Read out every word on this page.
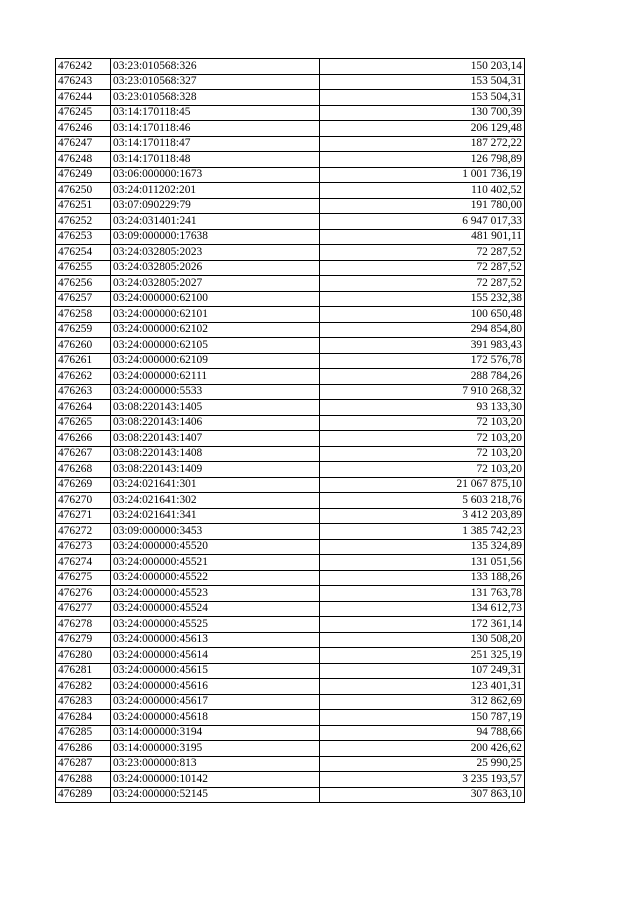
476242	03:23:010568:326	150 203,14
476243	03:23:010568:327	153 504,31
476244	03:23:010568:328	153 504,31
476245	03:14:170118:45	130 700,39
476246	03:14:170118:46	206 129,48
476247	03:14:170118:47	187 272,22
476248	03:14:170118:48	126 798,89
476249	03:06:000000:1673	1 001 736,19
476250	03:24:011202:201	110 402,52
476251	03:07:090229:79	191 780,00
476252	03:24:031401:241	6 947 017,33
476253	03:09:000000:17638	481 901,11
476254	03:24:032805:2023	72 287,52
476255	03:24:032805:2026	72 287,52
476256	03:24:032805:2027	72 287,52
476257	03:24:000000:62100	155 232,38
476258	03:24:000000:62101	100 650,48
476259	03:24:000000:62102	294 854,80
476260	03:24:000000:62105	391 983,43
476261	03:24:000000:62109	172 576,78
476262	03:24:000000:62111	288 784,26
476263	03:24:000000:5533	7 910 268,32
476264	03:08:220143:1405	93 133,30
476265	03:08:220143:1406	72 103,20
476266	03:08:220143:1407	72 103,20
476267	03:08:220143:1408	72 103,20
476268	03:08:220143:1409	72 103,20
476269	03:24:021641:301	21 067 875,10
476270	03:24:021641:302	5 603 218,76
476271	03:24:021641:341	3 412 203,89
476272	03:09:000000:3453	1 385 742,23
476273	03:24:000000:45520	135 324,89
476274	03:24:000000:45521	131 051,56
476275	03:24:000000:45522	133 188,26
476276	03:24:000000:45523	131 763,78
476277	03:24:000000:45524	134 612,73
476278	03:24:000000:45525	172 361,14
476279	03:24:000000:45613	130 508,20
476280	03:24:000000:45614	251 325,19
476281	03:24:000000:45615	107 249,31
476282	03:24:000000:45616	123 401,31
476283	03:24:000000:45617	312 862,69
476284	03:24:000000:45618	150 787,19
476285	03:14:000000:3194	94 788,66
476286	03:14:000000:3195	200 426,62
476287	03:23:000000:813	25 990,25
476288	03:24:000000:10142	3 235 193,57
476289	03:24:000000:52145	307 863,10
